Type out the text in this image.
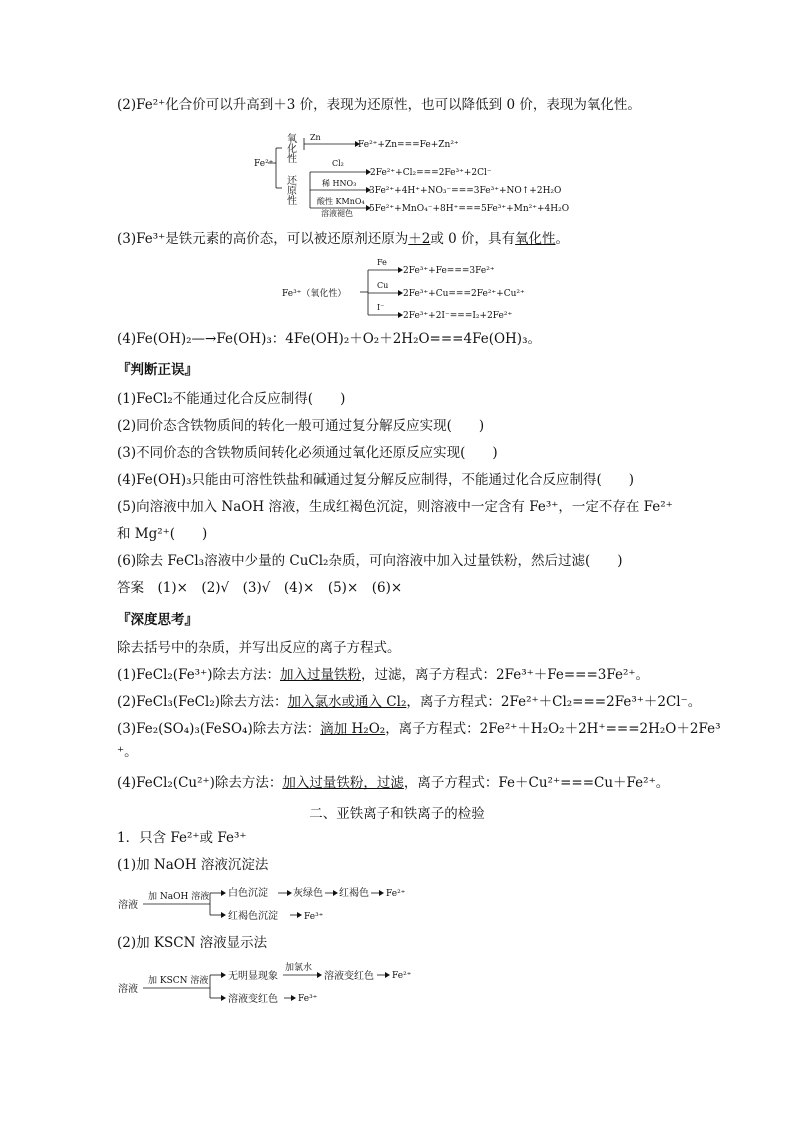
(2)Fe²⁺化合价可以升高到＋3 价，表现为还原性，也可以降低到 0 价，表现为氧化性。
Fe²⁺
氧化性
还原性
Zn
Fe²⁺+Zn===Fe+Zn²⁺
Cl₂
2Fe²⁺+Cl₂===2Fe³⁺+2Cl⁻
稀 HNO₃
3Fe²⁺+4H⁺+NO₃⁻===3Fe³⁺+NO↑+2H₂O
酸性 KMnO₄
溶液褪色 5Fe²⁺+MnO₄⁻+8H⁺===5Fe³⁺+Mn²⁺+4H₂O
Fe³⁺（氧化性）
Fe
2Fe³⁺+Fe===3Fe²⁺
Cu
2Fe³⁺+Cu===2Fe²⁺+Cu²⁺
I⁻
2Fe³⁺+2I⁻===I₂+2Fe²⁺
溶液
加 NaOH 溶液 白色沉淀	灰绿色 红褐色 Fe²⁺
红褐色沉淀	Fe³⁺
溶液
加 KSCN 溶液 无明显现象
加氯水
溶液变红色 Fe²⁺
溶液变红色 Fe³⁺
(3)Fe³⁺是铁元素的高价态，可以被还原剂还原为＋2或 0 价，具有氧化性。
(4)Fe(OH)₂—→Fe(OH)₃：4Fe(OH)₂＋O₂＋2H₂O===4Fe(OH)₃。
『判断正误』
(1)FeCl₂不能通过化合反应制得(　　)
(2)同价态含铁物质间的转化一般可通过复分解反应实现(　　)
(3)不同价态的含铁物质间转化必须通过氧化还原反应实现(　　)
(4)Fe(OH)₃只能由可溶性铁盐和碱通过复分解反应制得，不能通过化合反应制得(　　)
(5)向溶液中加入 NaOH 溶液，生成红褐色沉淀，则溶液中一定含有 Fe³⁺，一定不存在 Fe²⁺
和 Mg²⁺(　　)
(6)除去 FeCl₃溶液中少量的 CuCl₂杂质，可向溶液中加入过量铁粉，然后过滤(　　)
答案　(1)×　(2)√　(3)√　(4)×　(5)×　(6)×
『深度思考』
除去括号中的杂质，并写出反应的离子方程式。
(1)FeCl₂(Fe³⁺)除去方法：加入过量铁粉，过滤，离子方程式：2Fe³⁺＋Fe===3Fe²⁺。
(2)FeCl₃(FeCl₂)除去方法：加入氯水或通入 Cl₂，离子方程式：2Fe²⁺＋Cl₂===2Fe³⁺＋2Cl⁻。
(3)Fe₂(SO₄)₃(FeSO₄)除去方法：滴加 H₂O₂，离子方程式：2Fe²⁺＋H₂O₂＋2H⁺===2H₂O＋2Fe³
⁺。
(4)FeCl₂(Cu²⁺)除去方法：加入过量铁粉，过滤，离子方程式：Fe＋Cu²⁺===Cu＋Fe²⁺。
二、亚铁离子和铁离子的检验
1．只含 Fe²⁺或 Fe³⁺
(1)加 NaOH 溶液沉淀法
(2)加 KSCN 溶液显示法
